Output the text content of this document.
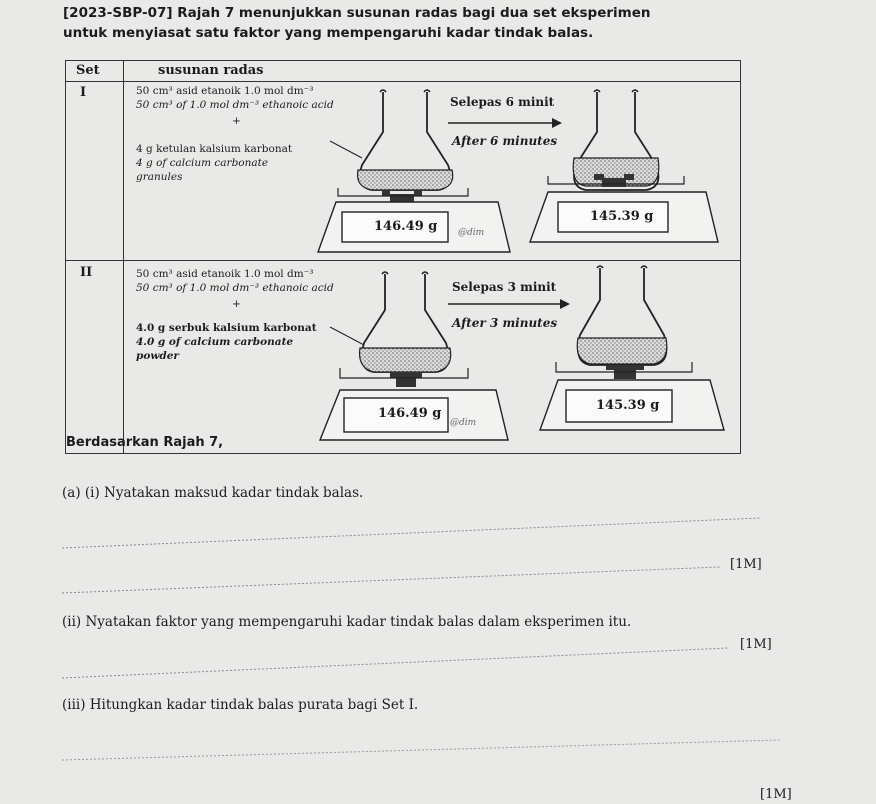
[2023-SBP-07] Rajah 7 menunjukkan susunan radas bagi dua set eksperimen
untuk menyiasat satu faktor yang mempengaruhi kadar tindak balas.
Set	susunan radas
I
II
50 cm³ asid etanoik 1.0 mol dm⁻³
50 cm³ of 1.0 mol dm⁻³ ethanoic acid
+
4 g ketulan kalsium karbonat
4 g of calcium carbonate
granules
Selepas 6 minit
After 6 minutes
50 cm³ asid etanoik 1.0 mol dm⁻³
50 cm³ of 1.0 mol dm⁻³ ethanoic acid
+
4.0 g serbuk kalsium karbonat
4.0 g of calcium carbonate
powder
Selepas 3 minit
After 3 minutes
146.49 g @dim
145.39 g
146.49 g
@dim
145.39 g
Berdasarkan Rajah 7,
(a) (i) Nyatakan maksud kadar tindak balas.
[1M]
(ii) Nyatakan faktor yang mempengaruhi kadar tindak balas dalam eksperimen itu.
[1M]
(iii) Hitungkan kadar tindak balas purata bagi Set I.
[1M]
